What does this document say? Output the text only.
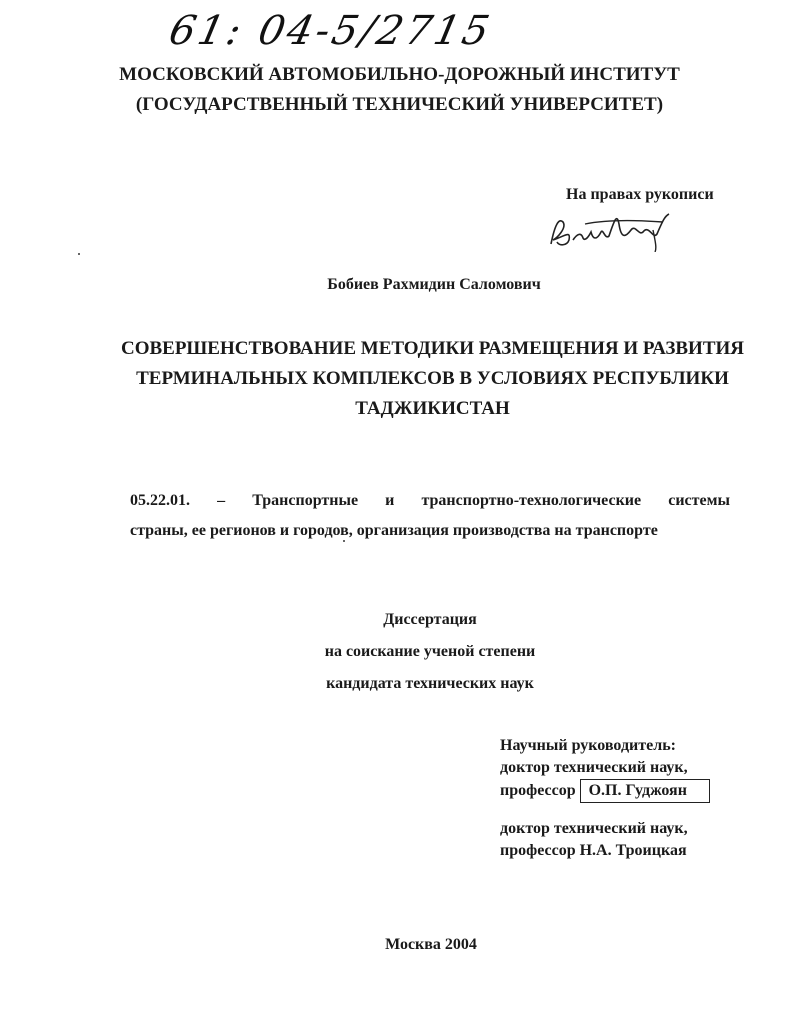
61: 04-5/2715
МОСКОВСКИЙ АВТОМОБИЛЬНО-ДОРОЖНЫЙ ИНСТИТУТ
(ГОСУДАРСТВЕННЫЙ ТЕХНИЧЕСКИЙ УНИВЕРСИТЕТ)
На правах рукописи
Бобиев Рахмидин Саломович
СОВЕРШЕНСТВОВАНИЕ МЕТОДИКИ РАЗМЕЩЕНИЯ И РАЗВИТИЯ
ТЕРМИНАЛЬНЫХ КОМПЛЕКСОВ В УСЛОВИЯХ РЕСПУБЛИКИ
ТАДЖИКИСТАН
05.22.01. – Транспортные и транспортно-технологические системы
страны, ее регионов и городов, организация производства на транспорте
Диссертация
на соискание ученой степени
кандидата технических наук
Научный руководитель:
доктор технический наук,
профессор О.П. Гуджоян
доктор технический наук,
профессор Н.А. Троицкая
Москва 2004
